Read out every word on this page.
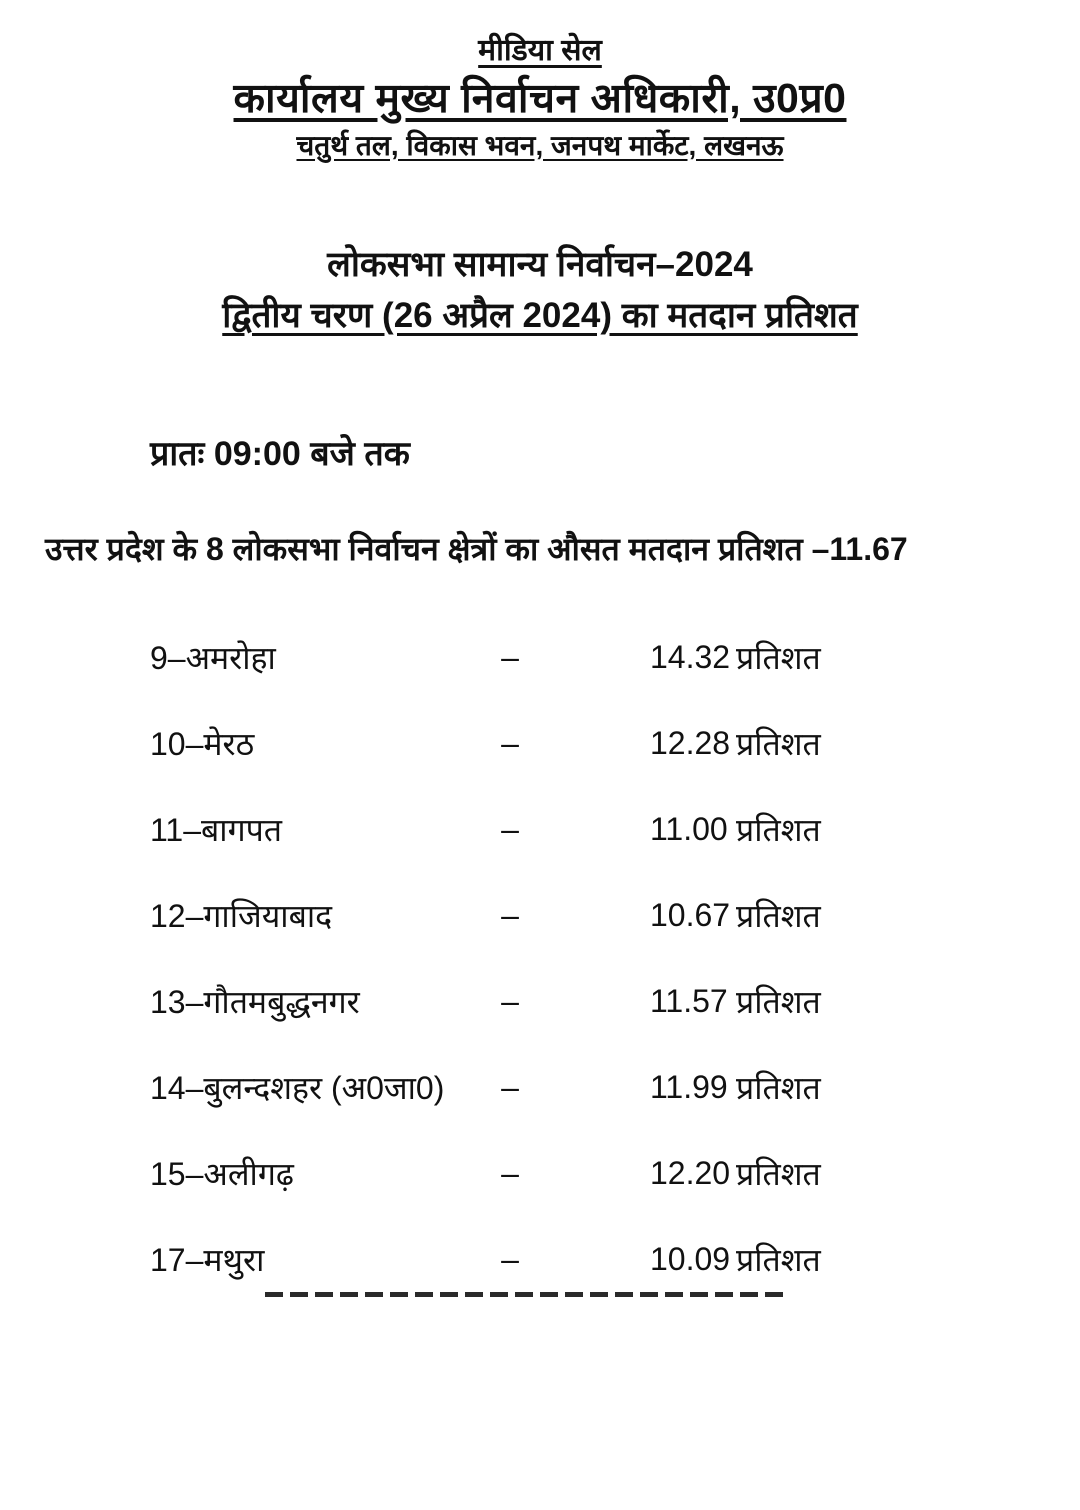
मीडिया सेल
कार्यालय मुख्य निर्वाचन अधिकारी, उ0प्र0
चतुर्थ तल, विकास भवन, जनपथ मार्केट, लखनऊ
लोकसभा सामान्य निर्वाचन–2024
द्वितीय चरण (26 अप्रैल 2024) का मतदान प्रतिशत
प्रातः 09:00 बजे तक
उत्तर प्रदेश के 8 लोकसभा निर्वाचन क्षेत्रों का औसत मतदान प्रतिशत –11.67
9–अमरोहा	–	14.32 प्रतिशत
10–मेरठ	–	12.28 प्रतिशत
11–बागपत	–	11.00 प्रतिशत
12–गाजियाबाद	–	10.67 प्रतिशत
13–गौतमबुद्धनगर	–	11.57 प्रतिशत
14–बुलन्दशहर (अ0जा0)	–	11.99 प्रतिशत
15–अलीगढ़	–	12.20 प्रतिशत
17–मथुरा	–	10.09 प्रतिशत
